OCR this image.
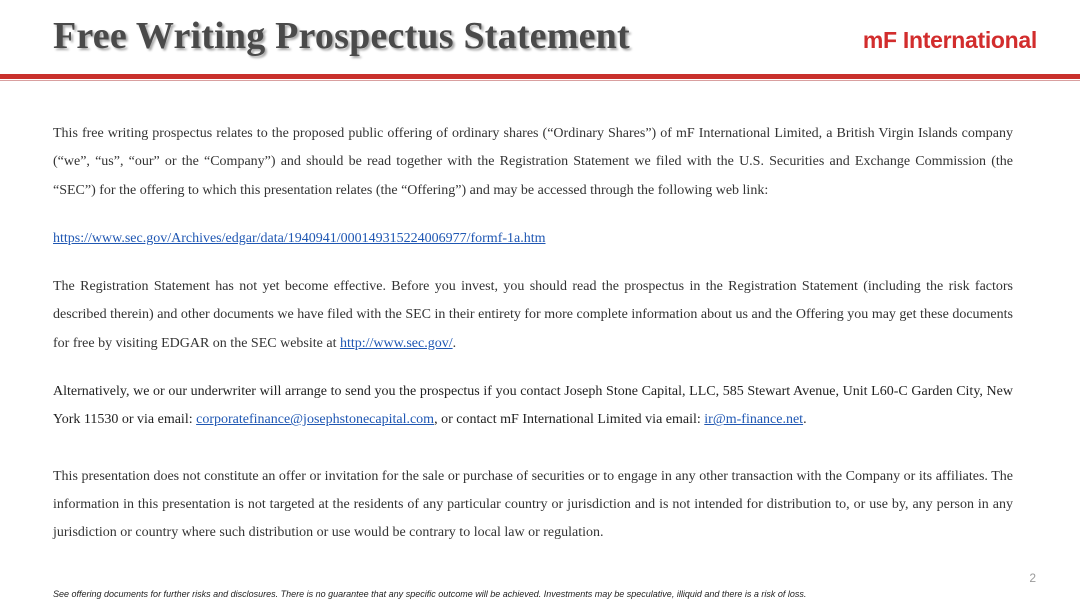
Free Writing Prospectus Statement	mF International

This free writing prospectus relates to the proposed public offering of ordinary shares (“Ordinary Shares”) of mF International Limited, a British Virgin Islands company (“we”, “us”, “our” or the “Company”) and should be read together with the Registration Statement we filed with the U.S. Securities and Exchange Commission (the “SEC”) for the offering to which this presentation relates (the “Offering”) and may be accessed through the following web link:

https://www.sec.gov/Archives/edgar/data/1940941/000149315224006977/formf-1a.htm

The Registration Statement has not yet become effective. Before you invest, you should read the prospectus in the Registration Statement (including the risk factors described therein) and other documents we have filed with the SEC in their entirety for more complete information about us and the Offering you may get these documents for free by visiting EDGAR on the SEC website at http://www.sec.gov/.

Alternatively, we or our underwriter will arrange to send you the prospectus if you contact Joseph Stone Capital, LLC, 585 Stewart Avenue, Unit L60-C Garden City, New York 11530 or via email: corporatefinance@josephstonecapital.com, or contact mF International Limited via email: ir@m-finance.net.

This presentation does not constitute an offer or invitation for the sale or purchase of securities or to engage in any other transaction with the Company or its affiliates. The information in this presentation is not targeted at the residents of any particular country or jurisdiction and is not intended for distribution to, or use by, any person in any jurisdiction or country where such distribution or use would be contrary to local law or regulation.

2
See offering documents for further risks and disclosures. There is no guarantee that any specific outcome will be achieved. Investments may be speculative, illiquid and there is a risk of loss.
